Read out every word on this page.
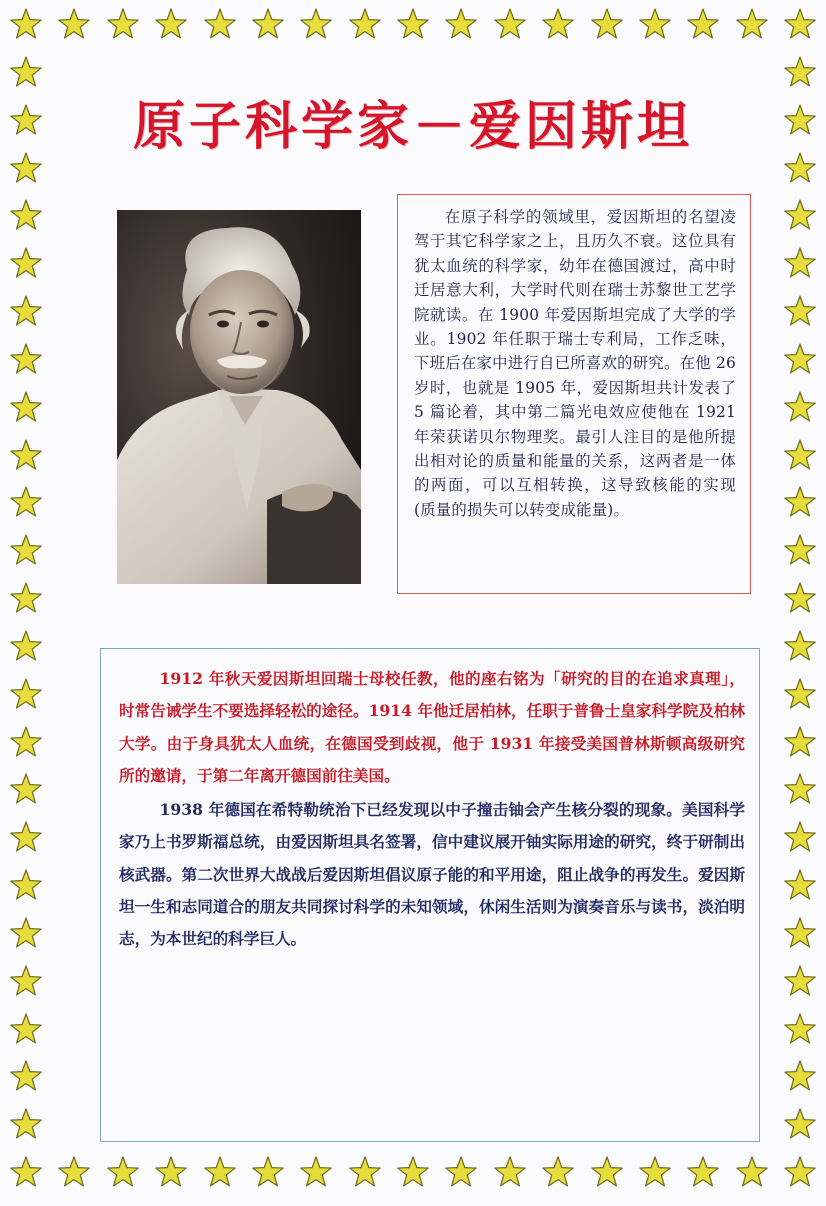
原子科学家－爱因斯坦

在原子科学的领域里，爱因斯坦的名望凌驾于其它科学家之上，且历久不衰。这位具有犹太血统的科学家，幼年在德国渡过，高中时迁居意大利，大学时代则在瑞士苏黎世工艺学院就读。在 1900 年爱因斯坦完成了大学的学业。1902 年任职于瑞士专利局，工作乏味，下班后在家中进行自已所喜欢的研究。在他 26 岁时，也就是 1905 年，爱因斯坦共计发表了 5 篇论着，其中第二篇光电效应使他在 1921 年荣获诺贝尔物理奖。最引人注目的是他所提出相对论的质量和能量的关系，这两者是一体的两面，可以互相转换，这导致核能的实现 (质量的损失可以转变成能量)。

1912 年秋天爱因斯坦回瑞士母校任教，他的座右铭为「研究的目的在追求真理」，时常告诫学生不要选择轻松的途径。1914 年他迁居柏林，任职于普鲁士皇家科学院及柏林大学。由于身具犹太人血统，在德国受到歧视，他于 1931 年接受美国普林斯顿高级研究所的邀请，于第二年离开德国前往美国。

1938 年德国在希特勒统治下已经发现以中子撞击铀会产生核分裂的现象。美国科学家乃上书罗斯福总统，由爱因斯坦具名签署，信中建议展开铀实际用途的研究，终于研制出核武器。第二次世界大战战后爱因斯坦倡议原子能的和平用途，阻止战争的再发生。爱因斯坦一生和志同道合的朋友共同探讨科学的未知领域，休闲生活则为演奏音乐与读书，淡泊明志，为本世纪的科学巨人。
